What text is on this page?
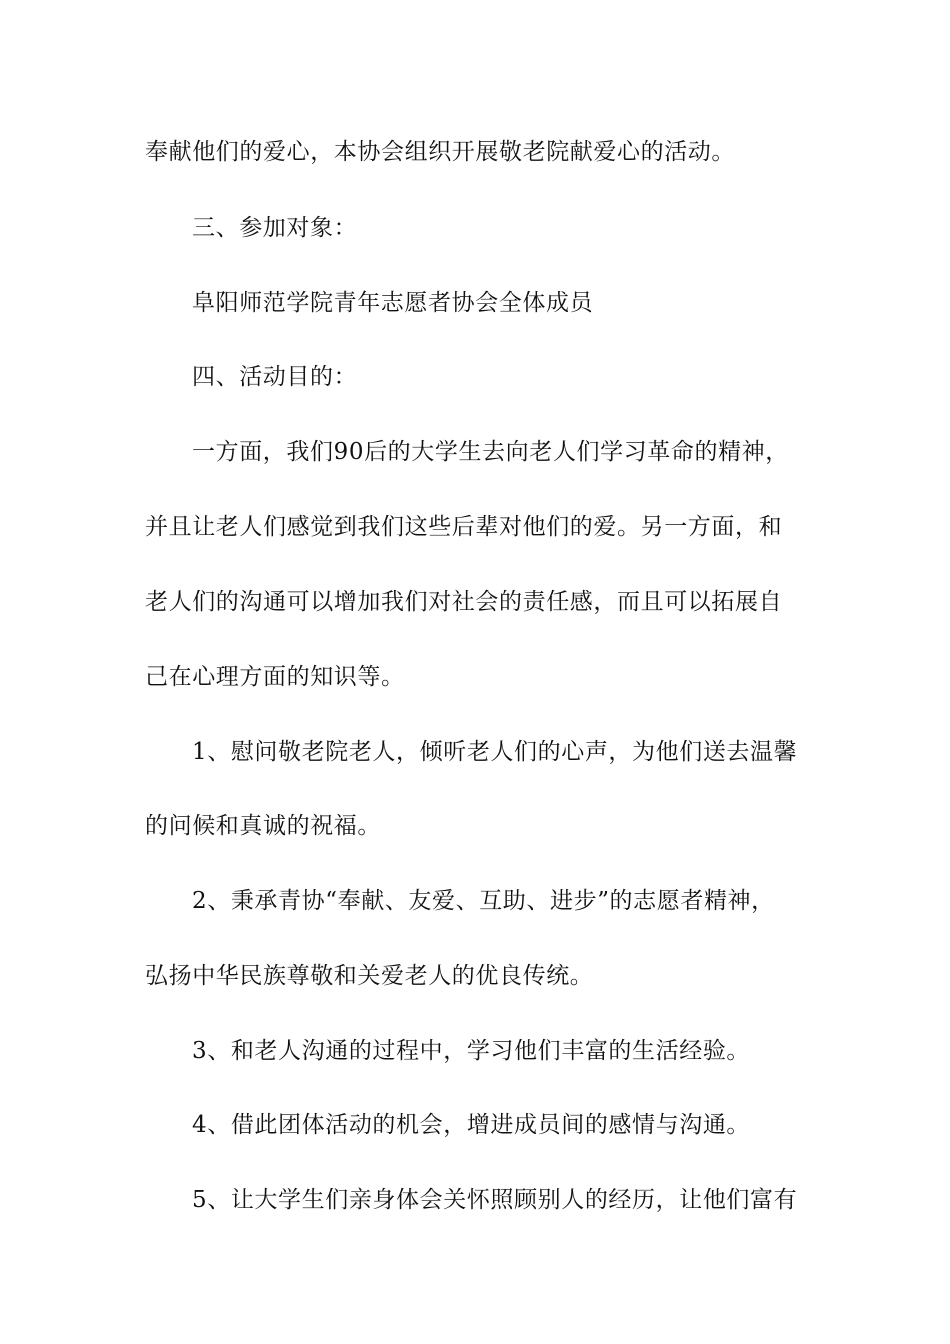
奉献他们的爱心，本协会组织开展敬老院献爱心的活动。
三、参加对象：
阜阳师范学院青年志愿者协会全体成员
四、活动目的：
一方面，我们90后的大学生去向老人们学习革命的精神，
并且让老人们感觉到我们这些后辈对他们的爱。另一方面，和
老人们的沟通可以增加我们对社会的责任感，而且可以拓展自
己在心理方面的知识等。
1、慰问敬老院老人，倾听老人们的心声，为他们送去温馨
的问候和真诚的祝福。
2、秉承青协“奉献、友爱、互助、进步”的志愿者精神，
弘扬中华民族尊敬和关爱老人的优良传统。
3、和老人沟通的过程中，学习他们丰富的生活经验。
4、借此团体活动的机会，增进成员间的感情与沟通。
5、让大学生们亲身体会关怀照顾别人的经历，让他们富有
